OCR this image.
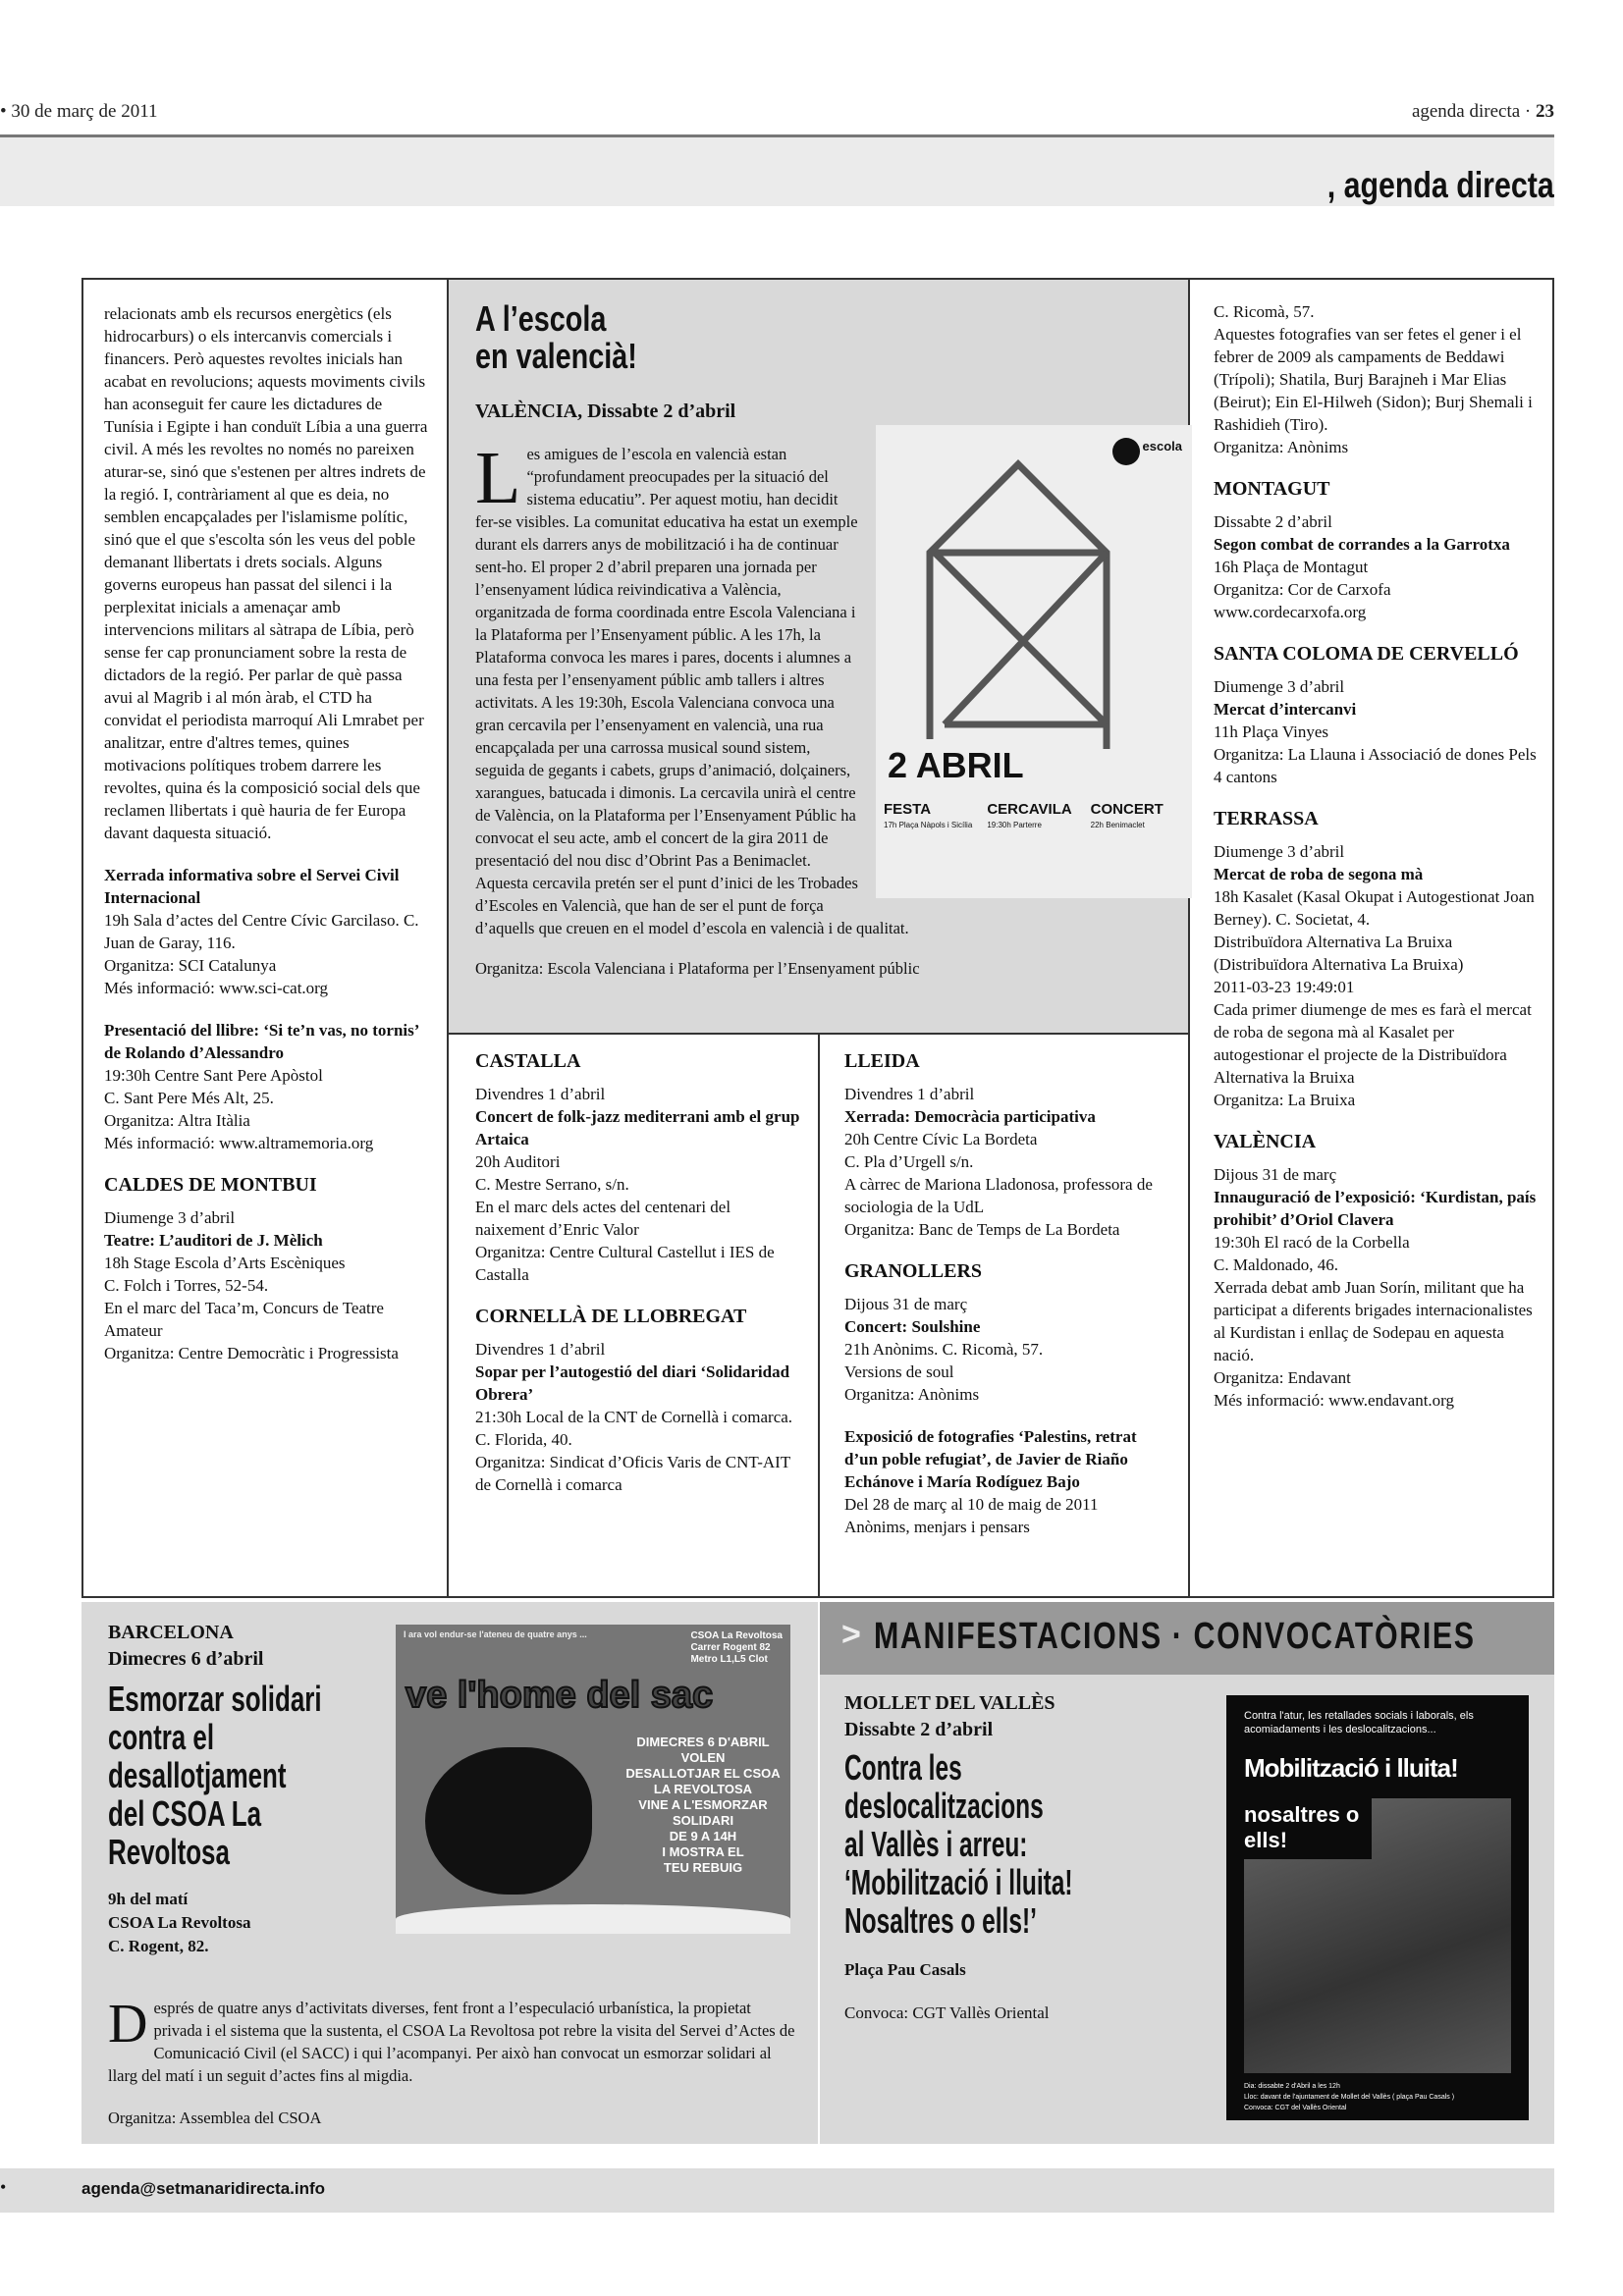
• 30 de març de 2011	agenda directa · 23
, agenda directa
relacionats amb els recursos energètics (els hidrocarburs) o els intercanvis comercials i financers. Però aquestes revoltes inicials han acabat en revolucions; aquests moviments civils han aconseguit fer caure les dictadures de Tunísia i Egipte i han conduït Líbia a una guerra civil. A més les revoltes no només no pareixen aturar-se, sinó que s'estenen per altres indrets de la regió. I, contràriament al que es deia, no semblen encapçalades per l'islamisme polític, sinó que el que s'escolta són les veus del poble demanant llibertats i drets socials. Alguns governs europeus han passat del silenci i la perplexitat inicials a amenaçar amb intervencions militars al sàtrapa de Líbia, però sense fer cap pronunciament sobre la resta de dictadors de la regió. Per parlar de què passa avui al Magrib i al món àrab, el CTD ha convidat el periodista marroquí Ali Lmrabet per analitzar, entre d'altres temes, quines motivacions polítiques trobem darrere les revoltes, quina és la composició social dels que reclamen llibertats i què hauria de fer Europa davant daquesta situació.
Xerrada informativa sobre el Servei Civil Internacional
19h Sala d’actes del Centre Cívic Garcilaso. C. Juan de Garay, 116.
Organitza: SCI Catalunya
Més informació: www.sci-cat.org
Presentació del llibre: ‘Si te’n vas, no tornis’ de Rolando d’Alessandro
19:30h Centre Sant Pere Apòstol
C. Sant Pere Més Alt, 25.
Organitza: Altra Itàlia
Més informació: www.altramemoria.org
CALDES DE MONTBUI
Diumenge 3 d’abril
Teatre: L’auditori de J. Mèlich
18h Stage Escola d’Arts Escèniques
C. Folch i Torres, 52-54.
En el marc del Taca’m, Concurs de Teatre Amateur
Organitza: Centre Democràtic i Progressista
A l’escola
en valencià!
VALÈNCIA, Dissabte 2 d’abril
escola
2 ABRIL
FESTA
17h Plaça Nàpols i Sicília
CERCAVILA
19:30h Parterre
CONCERT
22h Benimaclet
L es amigues de l’escola en valencià estan “profundament preocupades per la situació del sistema educatiu”. Per aquest motiu, han decidit fer-se visibles. La comunitat educativa ha estat un exemple durant els darrers anys de mobilització i ha de continuar sent-ho. El proper 2 d’abril preparen una jornada per l’ensenyament lúdica reivindicativa a València, organitzada de forma coordinada entre Escola Valenciana i la Plataforma per l’Ensenyament públic. A les 17h, la Plataforma convoca les mares i pares, docents i alumnes a una festa per l’ensenyament públic amb tallers i altres activitats. A les 19:30h, Escola Valenciana convoca una gran cercavila per l’ensenyament en valencià, una rua encapçalada per una carrossa musical sound sistem, seguida de gegants i cabets, grups d’animació, dolçainers, xarangues, batucada i dimonis. La cercavila unirà el centre de València, on la Plataforma per l’Ensenyament Públic ha convocat el seu acte, amb el concert de la gira 2011 de presentació del nou disc d’Obrint Pas a Benimaclet. Aquesta cercavila pretén ser el punt d’inici de les Trobades d’Escoles en Valencià, que han de ser el punt de força d’aquells que creuen en el model d’escola en valencià i de qualitat.
Organitza: Escola Valenciana i Plataforma per l’Ensenyament públic
CASTALLA
Divendres 1 d’abril
Concert de folk-jazz mediterrani amb el grup Artaica
20h Auditori
C. Mestre Serrano, s/n.
En el marc dels actes del centenari del naixement d’Enric Valor
Organitza: Centre Cultural Castellut i IES de Castalla
CORNELLÀ DE LLOBREGAT
Divendres 1 d’abril
Sopar per l’autogestió del diari ‘Solidaridad Obrera’
21:30h Local de la CNT de Cornellà i comarca. C. Florida, 40.
Organitza: Sindicat d’Oficis Varis de CNT-AIT de Cornellà i comarca
LLEIDA
Divendres 1 d’abril
Xerrada: Democràcia participativa
20h Centre Cívic La Bordeta
C. Pla d’Urgell s/n.
A càrrec de Mariona Lladonosa, professora de sociologia de la UdL
Organitza: Banc de Temps de La Bordeta
GRANOLLERS
Dijous 31 de març
Concert: Soulshine
21h Anònims. C. Ricomà, 57.
Versions de soul
Organitza: Anònims
Exposició de fotografies ‘Palestins, retrat d’un poble refugiat’, de Javier de Riaño Echánove i María Rodíguez Bajo
Del 28 de març al 10 de maig de 2011
Anònims, menjars i pensars
C. Ricomà, 57.
Aquestes fotografies van ser fetes el gener i el febrer de 2009 als campaments de Beddawi (Trípoli); Shatila, Burj Barajneh i Mar Elias (Beirut); Ein El-Hilweh (Sidon); Burj Shemali i Rashidieh (Tiro).
Organitza: Anònims
MONTAGUT
Dissabte 2 d’abril
Segon combat de corrandes a la Garrotxa
16h Plaça de Montagut
Organitza: Cor de Carxofa
www.cordecarxofa.org
SANTA COLOMA DE CERVELLÓ
Diumenge 3 d’abril
Mercat d’intercanvi
11h Plaça Vinyes
Organitza: La Llauna i Associació de dones Pels 4 cantons
TERRASSA
Diumenge 3 d’abril
Mercat de roba de segona mà
18h Kasalet (Kasal Okupat i Autogestionat Joan Berney). C. Societat, 4.
Distribuïdora Alternativa La Bruixa
(Distribuïdora Alternativa La Bruixa)
2011-03-23 19:49:01
Cada primer diumenge de mes es farà el mercat de roba de segona mà al Kasalet per autogestionar el projecte de la Distribuïdora Alternativa la Bruixa
Organitza: La Bruixa
VALÈNCIA
Dijous 31 de març
Innauguració de l’exposició: ‘Kurdistan, país prohibit’ d’Oriol Clavera
19:30h El racó de la Corbella
C. Maldonado, 46.
Xerrada debat amb Juan Sorín, militant que ha participat a diferents brigades internacionalistes al Kurdistan i enllaç de Sodepau en aquesta nació.
Organitza: Endavant
Més informació: www.endavant.org
> MANIFESTACIONS · CONVOCATÒRIES
BARCELONA
Dimecres 6 d’abril
Esmorzar solidari
contra el
desallotjament
del CSOA La
Revoltosa
9h del matí
CSOA La Revoltosa
C. Rogent, 82.
Després de quatre anys d’activitats diverses, fent front a l’especulació urbanística, la propietat privada i el sistema que la sustenta, el CSOA La Revoltosa pot rebre la visita del Servei d’Actes de Comunicació Civil (el SACC) i qui l’acompanyi. Per això han convocat un esmorzar solidari al llarg del matí i un seguit d’actes fins al migdia.
Organitza: Assemblea del CSOA
I ara vol endur-se l'ateneu de quatre anys ...	CSOA La Revoltosa
Carrer Rogent 82
Metro L1,L5 Clot
ve l'home del sac
DIMECRES 6 D'ABRIL
VOLEN
DESALLOTJAR EL CSOA
LA REVOLTOSA
VINE A L'ESMORZAR
SOLIDARI
DE 9 A 14H
I MOSTRA EL
TEU REBUIG
MOLLET DEL VALLÈS
Dissabte 2 d’abril
Contra les
deslocalitzacions
al Vallès i arreu:
‘Mobilització i lluita!
Nosaltres o ells!’
Plaça Pau Casals
Convoca: CGT Vallès Oriental
Contra l'atur, les retallades socials i laborals, els acomiadaments i les deslocalitzacions...
Mobilització i lluita!
nosaltres o ells!
Dia: dissabte 2 d'Abril a les 12h
Lloc: davant de l'ajuntament de Mollet del Vallès ( plaça Pau Casals )
Convoca: CGT del Vallès Oriental
•	agenda@setmanaridirecta.info
